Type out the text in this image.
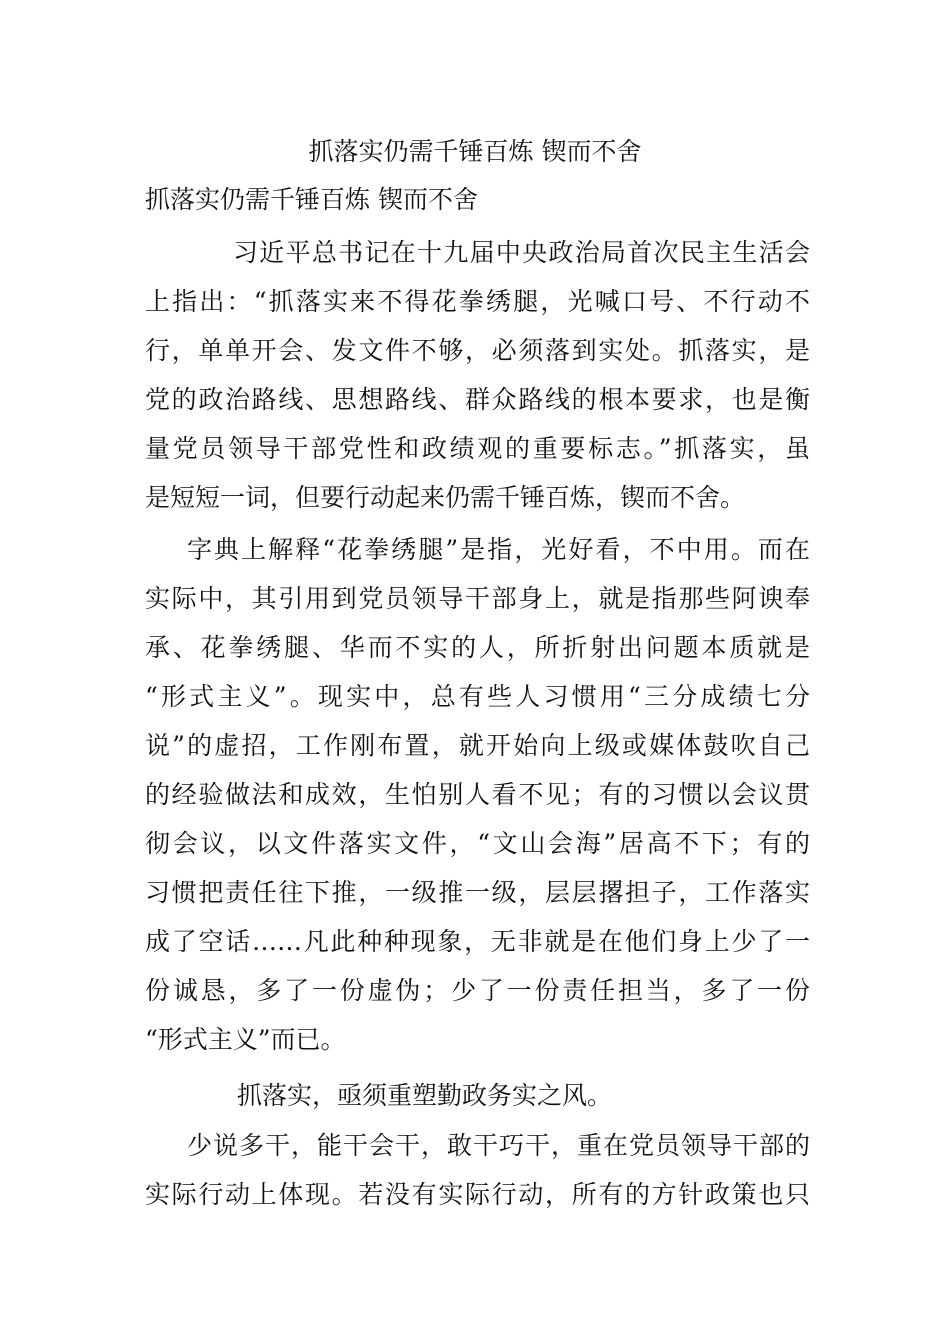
抓落实仍需千锤百炼 锲而不舍
抓落实仍需千锤百炼 锲而不舍
习近平总书记在十九届中央政治局首次民主生活会
上指出：“抓落实来不得花拳绣腿，光喊口号、不行动不
行，单单开会、发文件不够，必须落到实处。抓落实，是
党的政治路线、思想路线、群众路线的根本要求，也是衡
量党员领导干部党性和政绩观的重要标志。”抓落实，虽
是短短一词，但要行动起来仍需千锤百炼，锲而不舍。
字典上解释“花拳绣腿”是指，光好看，不中用。而在
实际中，其引用到党员领导干部身上，就是指那些阿谀奉
承、花拳绣腿、华而不实的人，所折射出问题本质就是
“形式主义”。现实中，总有些人习惯用“三分成绩七分
说”的虚招，工作刚布置，就开始向上级或媒体鼓吹自己
的经验做法和成效，生怕别人看不见；有的习惯以会议贯
彻会议，以文件落实文件，“文山会海”居高不下；有的
习惯把责任往下推，一级推一级，层层撂担子，工作落实
成了空话……凡此种种现象，无非就是在他们身上少了一
份诚恳，多了一份虚伪；少了一份责任担当，多了一份
“形式主义”而已。
抓落实，亟须重塑勤政务实之风。
少说多干，能干会干，敢干巧干，重在党员领导干部的
实际行动上体现。若没有实际行动，所有的方针政策也只
